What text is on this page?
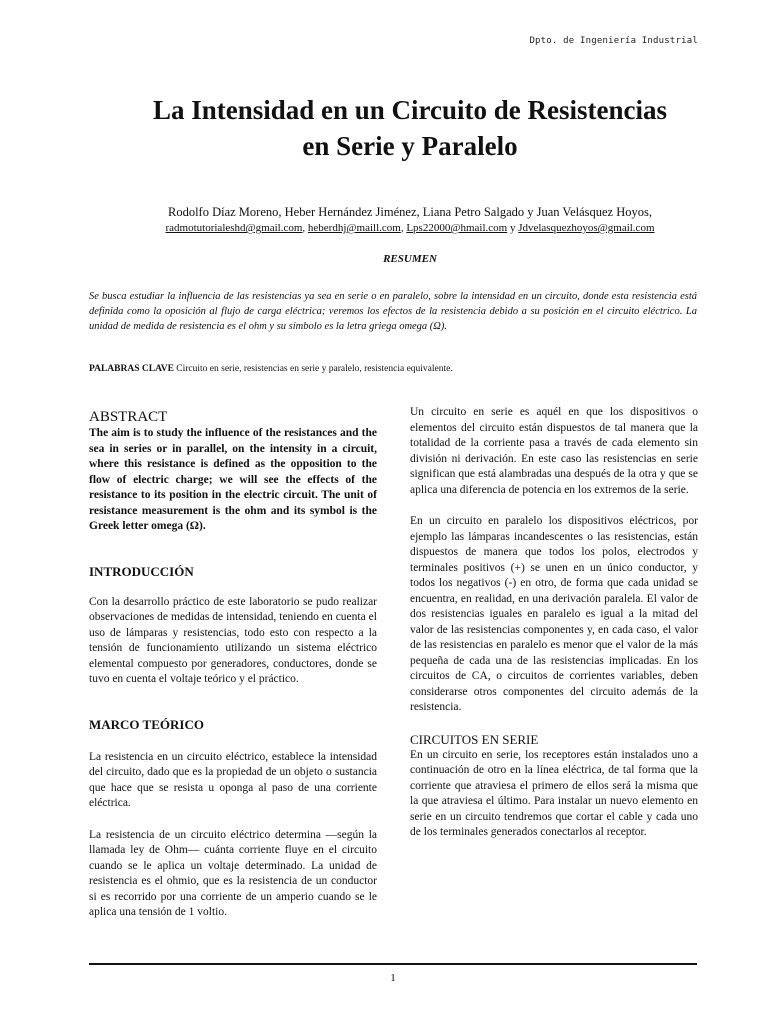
Dpto. de Ingeniería Industrial
La Intensidad en un Circuito de Resistencias
en Serie y Paralelo
Rodolfo Díaz Moreno, Heber Hernández Jiménez, Liana Petro Salgado y Juan Velásquez Hoyos,
radmotutorialeshd@gmail.com, heberdhj@maill.com, Lps22000@hmail.com y Jdvelasquezhoyos@gmail.com
RESUMEN
Se busca estudiar la influencia de las resistencias ya sea en serie o en paralelo, sobre la intensidad en un circuito, donde esta resistencia está definida como la oposición al flujo de carga eléctrica; veremos los efectos de la resistencia debido a su posición en el circuito eléctrico. La unidad de medida de resistencia es el ohm y su símbolo es la letra griega omega (Ω).
PALABRAS CLAVE Circuito en serie, resistencias en serie y paralelo, resistencia equivalente.
ABSTRACT

The aim is to study the influence of the resistances and the sea in series or in parallel, on the intensity in a circuit, where this resistance is defined as the opposition to the flow of electric charge; we will see the effects of the resistance to its position in the electric circuit. The unit of resistance measurement is the ohm and its symbol is the Greek letter omega (Ω).

INTRODUCCIÓN

Con la desarrollo práctico de este laboratorio se pudo realizar observaciones de medidas de intensidad, teniendo en cuenta el uso de lámparas y resistencias, todo esto con respecto a la tensión de funcionamiento utilizando un sistema eléctrico elemental compuesto por generadores, conductores, donde se tuvo en cuenta el voltaje teórico y el práctico.

MARCO TEÓRICO

La resistencia en un circuito eléctrico, establece la intensidad del circuito, dado que es la propiedad de un objeto o sustancia que hace que se resista u oponga al paso de una corriente eléctrica.

La resistencia de un circuito eléctrico determina —según la llamada ley de Ohm— cuánta corriente fluye en el circuito cuando se le aplica un voltaje determinado. La unidad de resistencia es el ohmio, que es la resistencia de un conductor si es recorrido por una corriente de un amperio cuando se le aplica una tensión de 1 voltio.

Un circuito en serie es aquél en que los dispositivos o elementos del circuito están dispuestos de tal manera que la totalidad de la corriente pasa a través de cada elemento sin división ni derivación. En este caso las resistencias en serie significan que está alambradas una después de la otra y que se aplica una diferencia de potencia en los extremos de la serie.

En un circuito en paralelo los dispositivos eléctricos, por ejemplo las lámparas incandescentes o las resistencias, están dispuestos de manera que todos los polos, electrodos y terminales positivos (+) se unen en un único conductor, y todos los negativos (-) en otro, de forma que cada unidad se encuentra, en realidad, en una derivación paralela. El valor de dos resistencias iguales en paralelo es igual a la mitad del valor de las resistencias componentes y, en cada caso, el valor de las resistencias en paralelo es menor que el valor de la más pequeña de cada una de las resistencias implicadas. En los circuitos de CA, o circuitos de corrientes variables, deben considerarse otros componentes del circuito además de la resistencia.

CIRCUITOS EN SERIE

En un circuito en serie, los receptores están instalados uno a continuación de otro en la línea eléctrica, de tal forma que la corriente que atraviesa el primero de ellos será la misma que la que atraviesa el último. Para instalar un nuevo elemento en serie en un circuito tendremos que cortar el cable y cada uno de los terminales generados conectarlos al receptor.

1
